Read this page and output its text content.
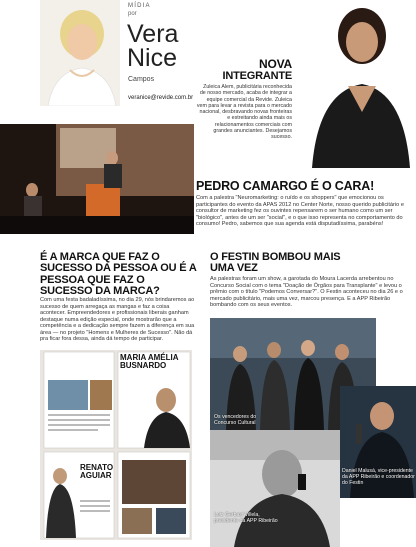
MÍDIA
por
Vera
Nice
Campos
veranice@revide.com.br
NOVA
INTEGRANTE
Zuleica Alem, publicitária reconhecida de nosso mercado, acaba de integrar a equipe comercial da Revide. Zuleica vem para levar a revista para o mercado nacional, desbravando novas fronteiras e estreitando ainda mais os relacionamentos comerciais com grandes anunciantes. Desejamos sucesso.
PEDRO CAMARGO É O CARA!
Com a palestra "Neuromarketing: o ruído e os shoppers" que emocionou os participantes do evento da APAS 2012 no Center Norte, nosso querido publicitário e consultor de marketing fez os ouvintes repensarem o ser humano como um ser "biológico", antes de um ser "social", e o que isso representa no comportamento do consumo! Pedro, sabemos que sua agenda está disputadíssima, parabéns!
É A MARCA QUE FAZ O SUCESSO DA PESSOA OU É A PESSOA QUE FAZ O SUCESSO DA MARCA?
Com uma festa badaladíssima, no dia 29, nós brindaremos ao sucesso de quem arregaça as mangas e faz a coisa acontecer. Empreendedores e profissionais liberais ganham destaque numa edição especial, onde mostrarão que a competência e a dedicação sempre fazem a diferença em sua área — no projeto "Homens e Mulheres de Sucesso". Não dá pra ficar fora dessa, ainda dá tempo de participar.
MARIA AMÉLIA
BUSNARDO
RENATO
AGUIAR
O FESTIN BOMBOU MAIS UMA VEZ
As palestras foram um show, a garotada do Moura Lacerda arrebentou no Concurso Social com o tema "Doação de Órgãos para Transplante" e levou o prêmio com o título "Podemos Conversar?". O Festin aconteceu no dia 26 e o mercado publicitário, mais uma vez, marcou presença. E a APP Ribeirão bombando com os seus eventos.
Os vencedores do Concurso Cultural
Daniel Malusá, vice-presidente da APP Ribeirão e coordenador do Festin
Luiz Gerbasi Villela, presidente da APP Ribeirão
